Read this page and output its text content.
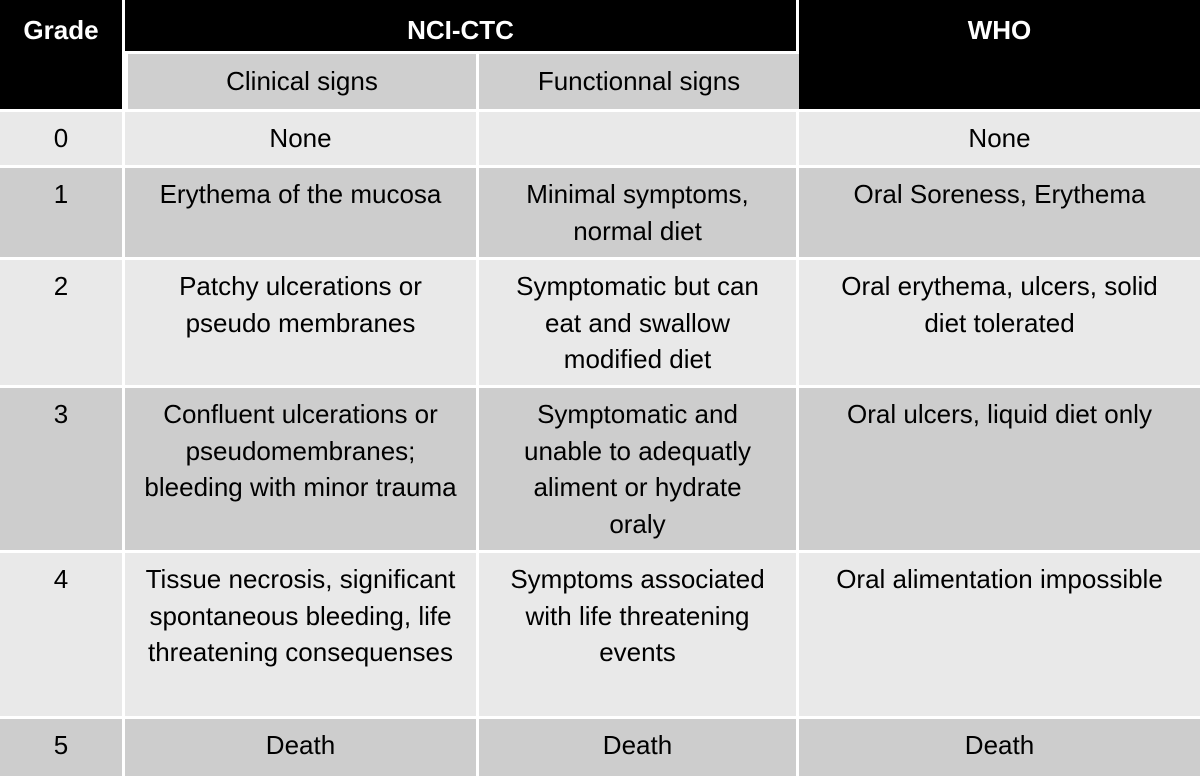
Grade	NCI-CTC		WHO
	Clinical signs	Functionnal signs	
0	None		None
1	Erythema of the mucosa	Minimal symptoms, normal diet	Oral Soreness, Erythema
2	Patchy ulcerations or pseudo membranes	Symptomatic but can eat and swallow modified diet	Oral erythema, ulcers, solid diet tolerated

3	Confluent ulcerations or pseudomembranes; bleeding with minor trauma	Symptomatic and unable to adequatly aliment or hydrate oraly	Oral ulcers, liquid diet only
4	Tissue necrosis, significant spontaneous bleeding, life threatening consequenses	Symptoms associated with life threatening events	Oral alimentation impossible
5	Death	Death	Death
